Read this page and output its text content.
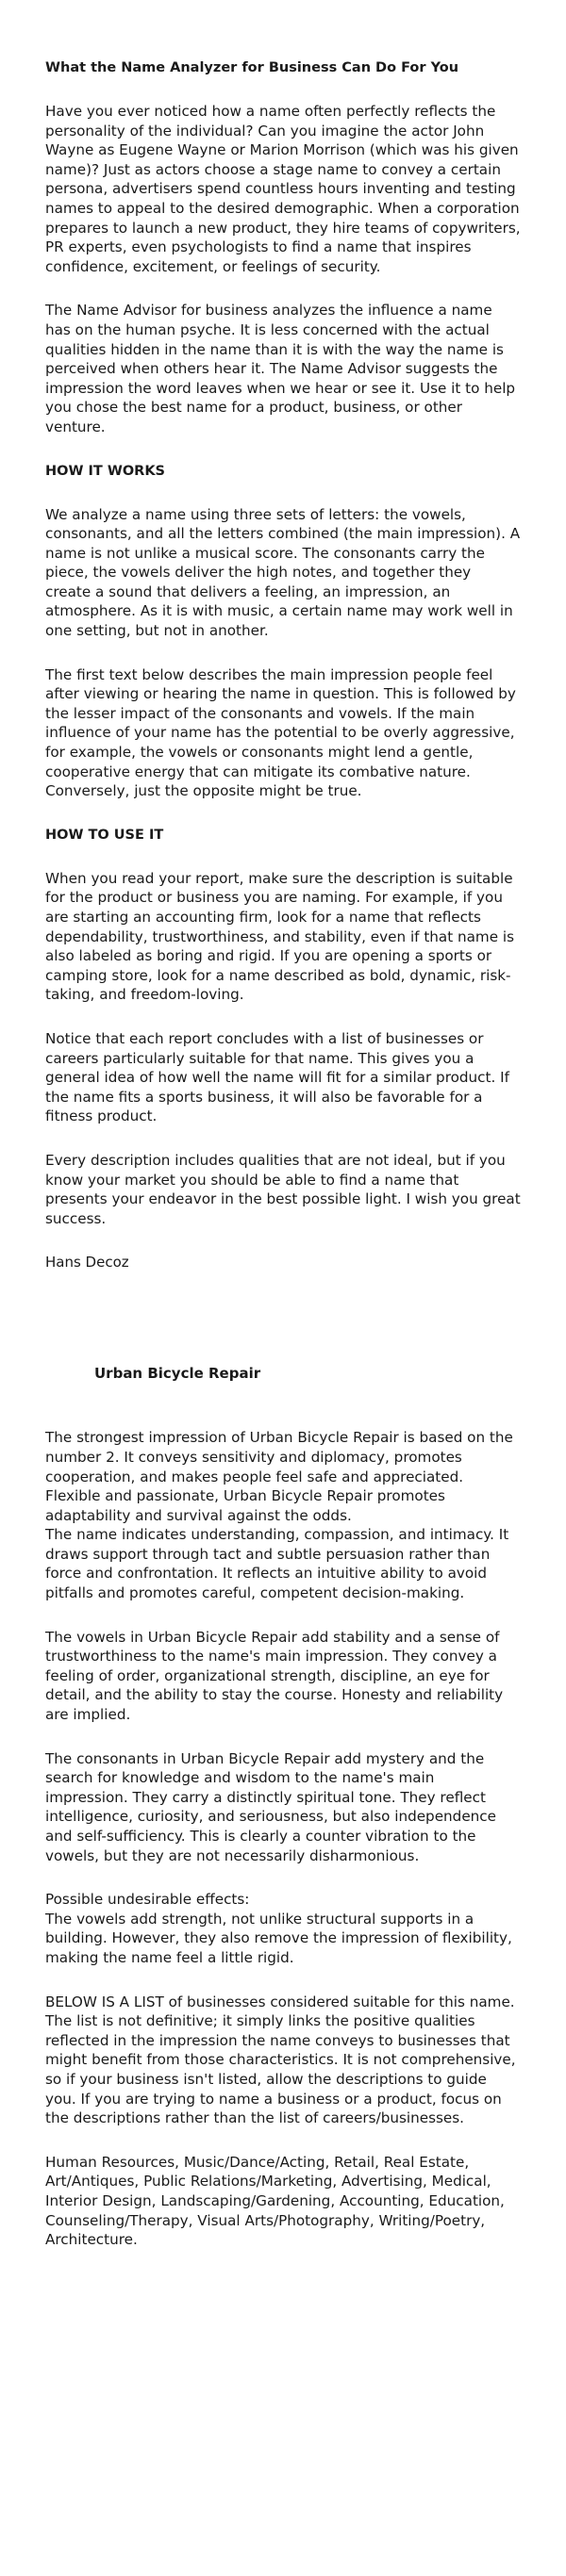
What the Name Analyzer for Business Can Do For You
Have you ever noticed how a name often perfectly reflects the personality of the individual? Can you imagine the actor John Wayne as Eugene Wayne or Marion Morrison (which was his given name)? Just as actors choose a stage name to convey a certain persona, advertisers spend countless hours inventing and testing names to appeal to the desired demographic. When a corporation prepares to launch a new product, they hire teams of copywriters, PR experts, even psychologists to find a name that inspires confidence, excitement, or feelings of security.
The Name Advisor for business analyzes the influence a name has on the human psyche. It is less concerned with the actual qualities hidden in the name than it is with the way the name is perceived when others hear it. The Name Advisor suggests the impression the word leaves when we hear or see it. Use it to help you chose the best name for a product, business, or other venture.
HOW IT WORKS
We analyze a name using three sets of letters: the vowels, consonants, and all the letters combined (the main impression). A name is not unlike a musical score. The consonants carry the piece, the vowels deliver the high notes, and together they create a sound that delivers a feeling, an impression, an atmosphere. As it is with music, a certain name may work well in one setting, but not in another.
The first text below describes the main impression people feel after viewing or hearing the name in question. This is followed by the lesser impact of the consonants and vowels. If the main influence of your name has the potential to be overly aggressive, for example, the vowels or consonants might lend a gentle, cooperative energy that can mitigate its combative nature. Conversely, just the opposite might be true.
HOW TO USE IT
When you read your report, make sure the description is suitable for the product or business you are naming. For example, if you are starting an accounting firm, look for a name that reflects dependability, trustworthiness, and stability, even if that name is also labeled as boring and rigid. If you are opening a sports or camping store, look for a name described as bold, dynamic, risk-taking, and freedom-loving.
Notice that each report concludes with a list of businesses or careers particularly suitable for that name. This gives you a general idea of how well the name will fit for a similar product. If the name fits a sports business, it will also be favorable for a fitness product.
Every description includes qualities that are not ideal, but if you know your market you should be able to find a name that presents your endeavor in the best possible light. I wish you great success.
Hans Decoz
Urban Bicycle Repair
The strongest impression of Urban Bicycle Repair is based on the number 2. It conveys sensitivity and diplomacy, promotes cooperation, and makes people feel safe and appreciated. Flexible and passionate, Urban Bicycle Repair promotes adaptability and survival against the odds.
The name indicates understanding, compassion, and intimacy. It draws support through tact and subtle persuasion rather than force and confrontation. It reflects an intuitive ability to avoid pitfalls and promotes careful, competent decision-making.
The vowels in Urban Bicycle Repair add stability and a sense of trustworthiness to the name's main impression. They convey a feeling of order, organizational strength, discipline, an eye for detail, and the ability to stay the course. Honesty and reliability are implied.
The consonants in Urban Bicycle Repair add mystery and the search for knowledge and wisdom to the name's main impression. They carry a distinctly spiritual tone. They reflect intelligence, curiosity, and seriousness, but also independence and self-sufficiency. This is clearly a counter vibration to the vowels, but they are not necessarily disharmonious.
Possible undesirable effects:
The vowels add strength, not unlike structural supports in a building. However, they also remove the impression of flexibility, making the name feel a little rigid.
BELOW IS A LIST of businesses considered suitable for this name. The list is not definitive; it simply links the positive qualities reflected in the impression the name conveys to businesses that might benefit from those characteristics. It is not comprehensive, so if your business isn't listed, allow the descriptions to guide you. If you are trying to name a business or a product, focus on the descriptions rather than the list of careers/businesses.
Human Resources, Music/Dance/Acting, Retail, Real Estate, Art/Antiques, Public Relations/Marketing, Advertising, Medical, Interior Design, Landscaping/Gardening, Accounting, Education, Counseling/Therapy, Visual Arts/Photography, Writing/Poetry, Architecture.
